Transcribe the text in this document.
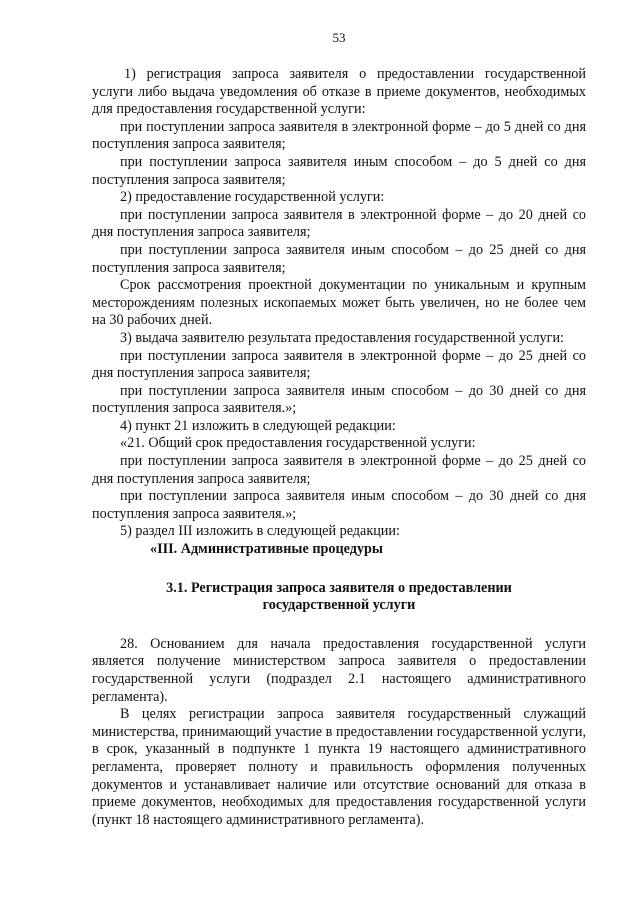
53

1) регистрация запроса заявителя о предоставлении государственной услуги либо выдача уведомления об отказе в приеме документов, необходимых для предоставления государственной услуги:

при поступлении запроса заявителя в электронной форме – до 5 дней со дня поступления запроса заявителя;

при поступлении запроса заявителя иным способом – до 5 дней со дня поступления запроса заявителя;

2) предоставление государственной услуги:

при поступлении запроса заявителя в электронной форме – до 20 дней со дня поступления запроса заявителя;

при поступлении запроса заявителя иным способом – до 25 дней со дня поступления запроса заявителя;

Срок рассмотрения проектной документации по уникальным и крупным месторождениям полезных ископаемых может быть увеличен, но не более чем на 30 рабочих дней.

3) выдача заявителю результата предоставления государственной услуги:

при поступлении запроса заявителя в электронной форме – до 25 дней со дня поступления запроса заявителя;

при поступлении запроса заявителя иным способом – до 30 дней со дня поступления запроса заявителя.»;

4) пункт 21 изложить в следующей редакции:

«21. Общий срок предоставления государственной услуги:

при поступлении запроса заявителя в электронной форме – до 25 дней со дня поступления запроса заявителя;

при поступлении запроса заявителя иным способом – до 30 дней со дня поступления запроса заявителя.»;

5) раздел III изложить в следующей редакции:

«III. Административные процедуры

3.1. Регистрация запроса заявителя о предоставлении

государственной услуги

28. Основанием для начала предоставления государственной услуги является получение министерством запроса заявителя о предоставлении государственной услуги (подраздел 2.1 настоящего административного регламента).

В целях регистрации запроса заявителя государственный служащий министерства, принимающий участие в предоставлении государственной услуги, в срок, указанный в подпункте 1 пункта 19 настоящего административного регламента, проверяет полноту и правильность оформления полученных документов и устанавливает наличие или отсутствие оснований для отказа в приеме документов, необходимых для предоставления государственной услуги (пункт 18 настоящего административного регламента).
